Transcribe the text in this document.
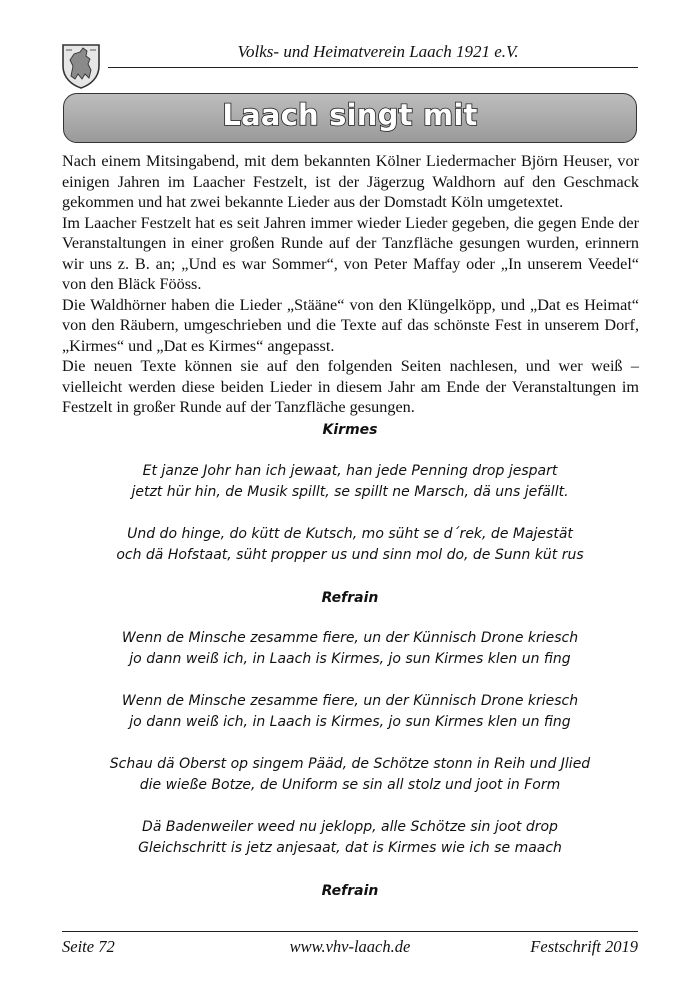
Volks- und Heimatverein Laach 1921 e.V.
Laach singt mit

Nach einem Mitsingabend, mit dem bekannten Kölner Liedermacher Björn Heuser, vor einigen Jahren im Laacher Festzelt, ist der Jägerzug Waldhorn auf den Geschmack gekommen und hat zwei bekannte Lieder aus der Domstadt Köln umgetextet.

Im Laacher Festzelt hat es seit Jahren immer wieder Lieder gegeben, die gegen Ende der Veranstaltungen in einer großen Runde auf der Tanzfläche gesungen wurden, erinnern wir uns z. B. an; „Und es war Sommer“, von Peter Maffay oder „In unserem Veedel“ von den Bläck Fööss.

Die Waldhörner haben die Lieder „Stääne“ von den Klüngelköpp, und „Dat es Heimat“ von den Räubern, umgeschrieben und die Texte auf das schönste Fest in unserem Dorf, „Kirmes“ und „Dat es Kirmes“ angepasst.

Die neuen Texte können sie auf den folgenden Seiten nachlesen, und wer weiß – vielleicht werden diese beiden Lieder in diesem Jahr am Ende der Veranstaltungen im Festzelt in großer Runde auf der Tanzfläche gesungen.

Kirmes
Et janze Johr han ich jewaat, han jede Penning drop jespart
jetzt hür hin, de Musik spillt, se spillt ne Marsch, dä uns jefällt.
Und do hinge, do kütt de Kutsch, mo süht se d´rek, de Majestät
och dä Hofstaat, süht propper us und sinn mol do, de Sunn küt rus
Refrain
Wenn de Minsche zesamme fiere, un der Künnisch Drone kriesch
jo dann weiß ich, in Laach is Kirmes, jo sun Kirmes klen un fing
Wenn de Minsche zesamme fiere, un der Künnisch Drone kriesch
jo dann weiß ich, in Laach is Kirmes, jo sun Kirmes klen un fing
Schau dä Oberst op singem Pääd, de Schötze stonn in Reih und Jlied
die wieße Botze, de Uniform se sin all stolz und joot in Form
Dä Badenweiler weed nu jeklopp, alle Schötze sin joot drop
Gleichschritt is jetz anjesaat, dat is Kirmes wie ich se maach
Refrain
Seite 72	www.vhv-laach.de	Festschrift 2019
